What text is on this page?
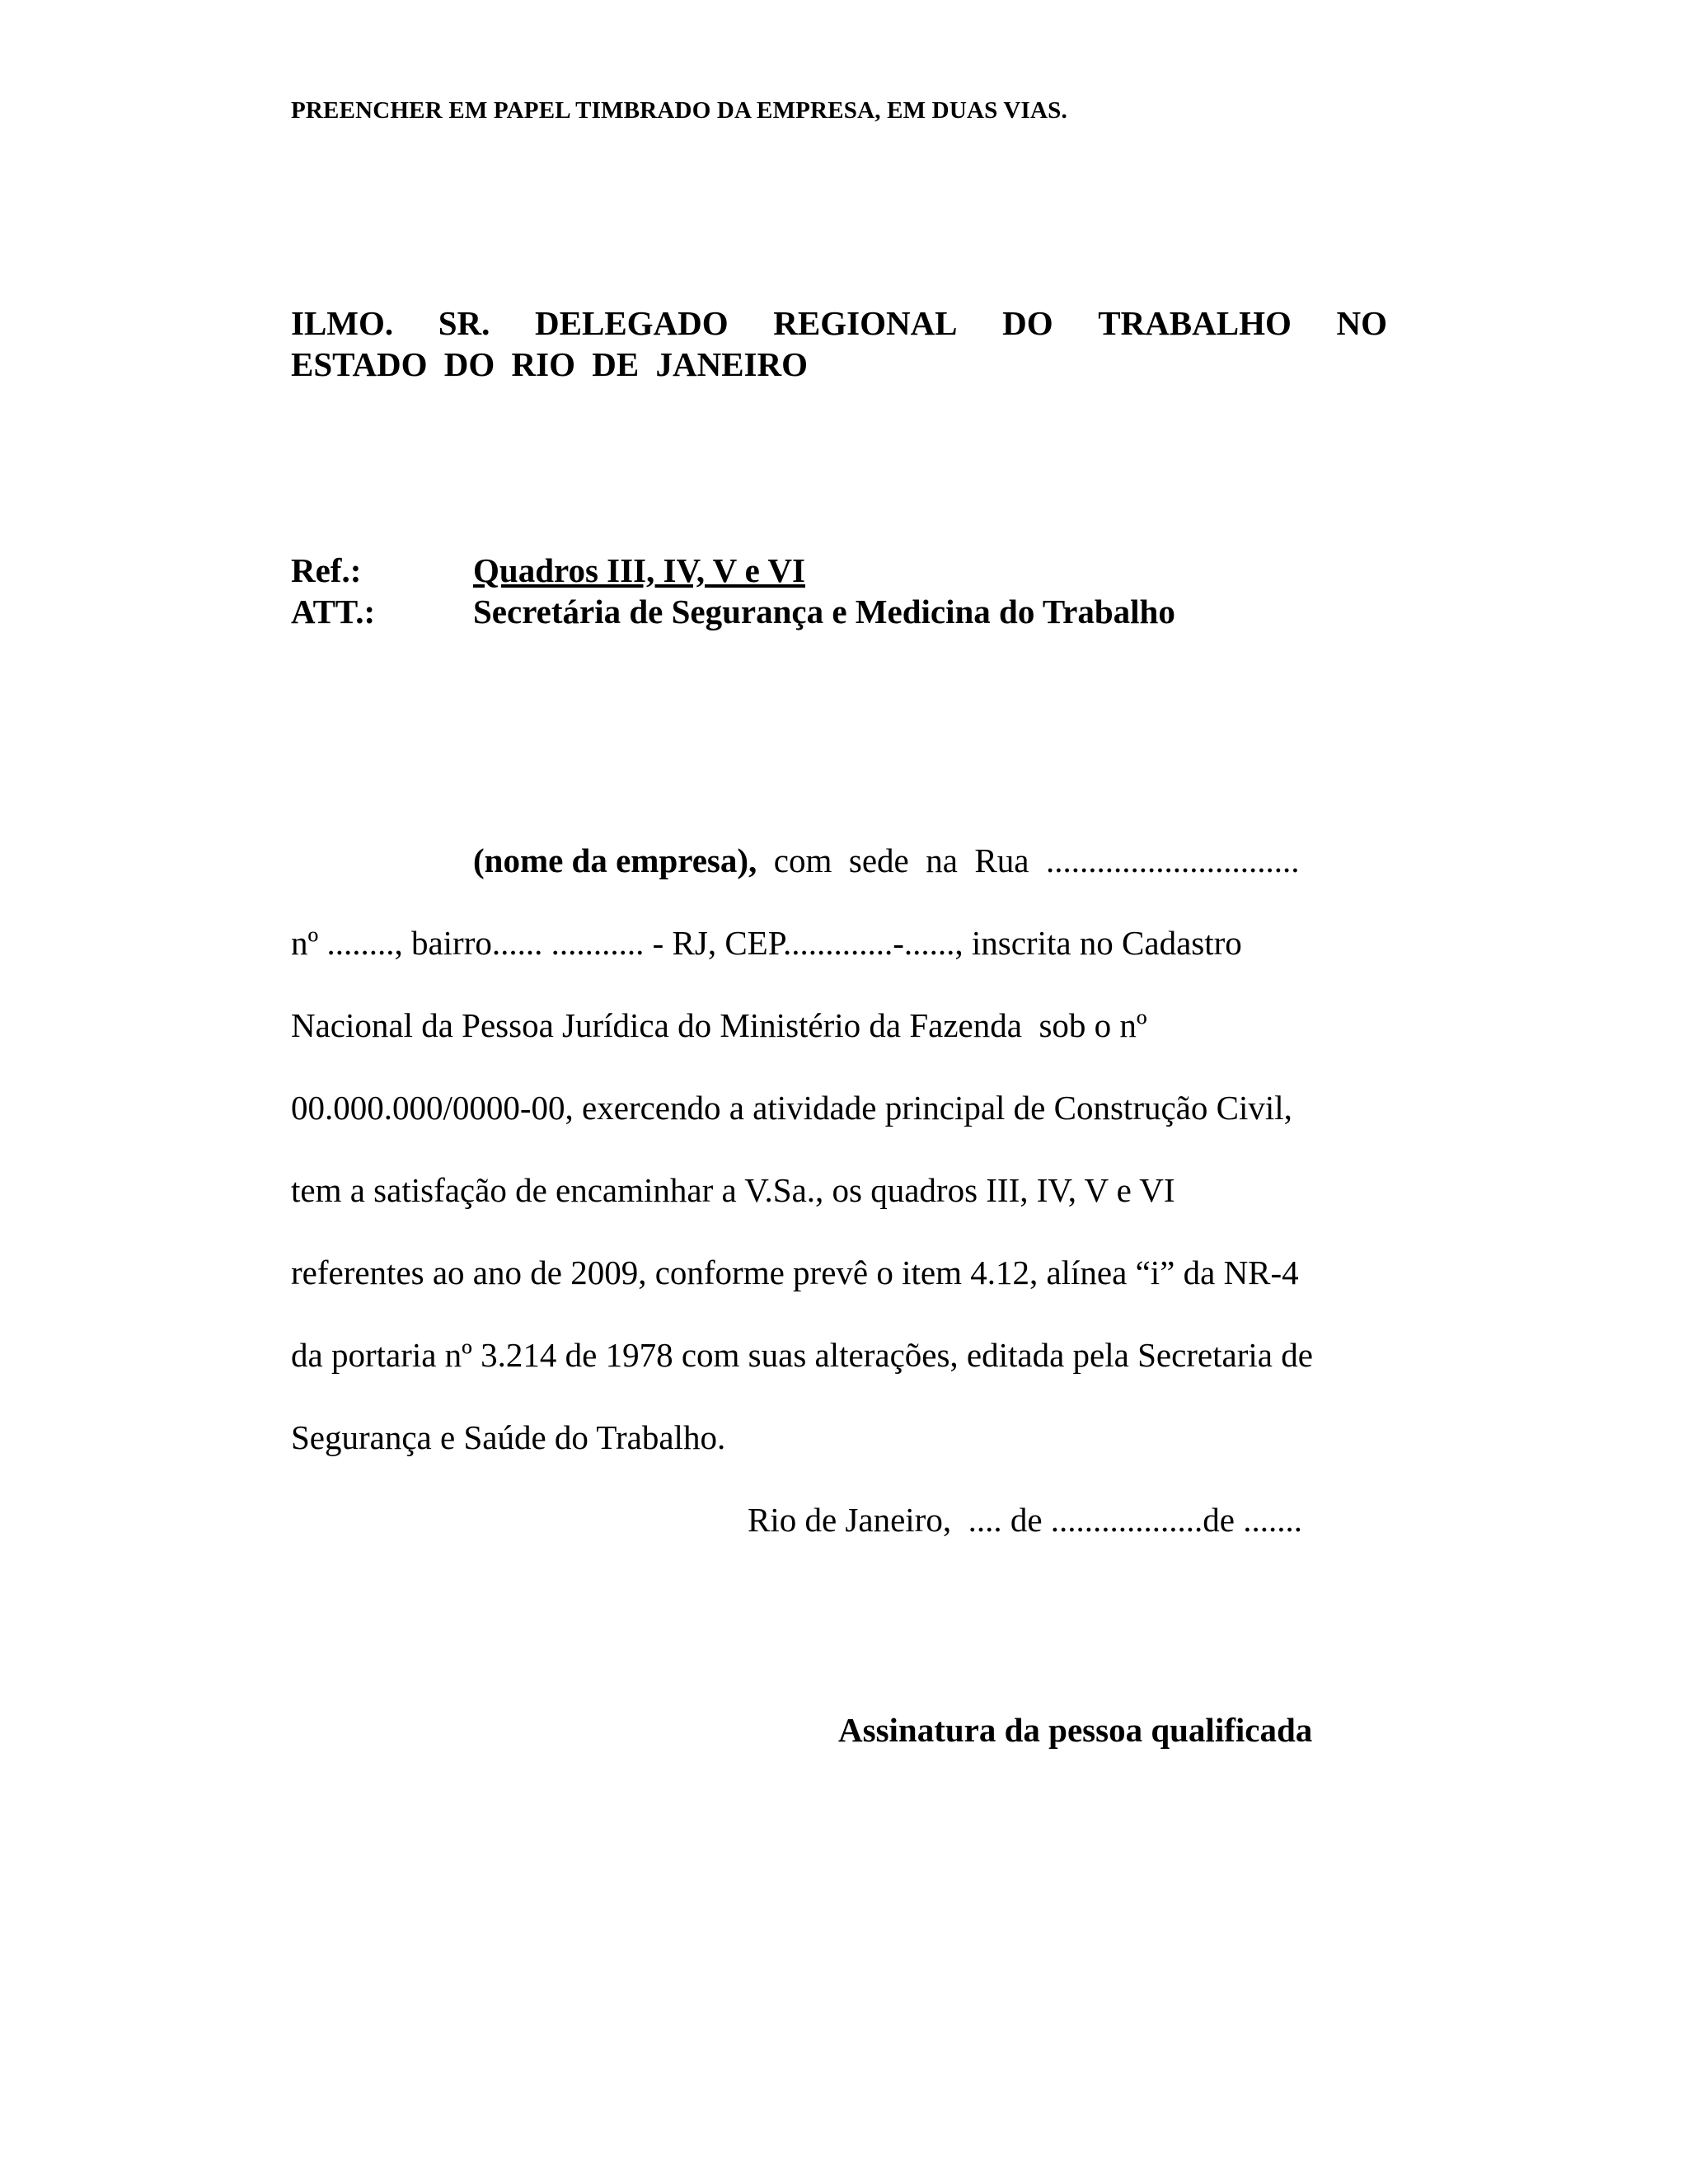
PREENCHER EM PAPEL TIMBRADO DA EMPRESA, EM DUAS VIAS.
ILMO. SR. DELEGADO REGIONAL DO TRABALHO NO
ESTADO DO RIO DE JANEIRO
Ref.:	Quadros III, IV, V e VI
ATT.:	Secretária de Segurança e Medicina do Trabalho
(nome da empresa),  com  sede  na  Rua  ..............................
nº ........, bairro...... ........... - RJ, CEP.............-......, inscrita no Cadastro
Nacional da Pessoa Jurídica do Ministério da Fazenda  sob o nº
00.000.000/0000-00, exercendo a atividade principal de Construção Civil,
tem a satisfação de encaminhar a V.Sa., os quadros III, IV, V e VI
referentes ao ano de 2009, conforme prevê o item 4.12, alínea “i” da NR-4
da portaria nº 3.214 de 1978 com suas alterações, editada pela Secretaria de
Segurança e Saúde do Trabalho.
Rio de Janeiro,  .... de ..................de .......
Assinatura da pessoa qualificada
